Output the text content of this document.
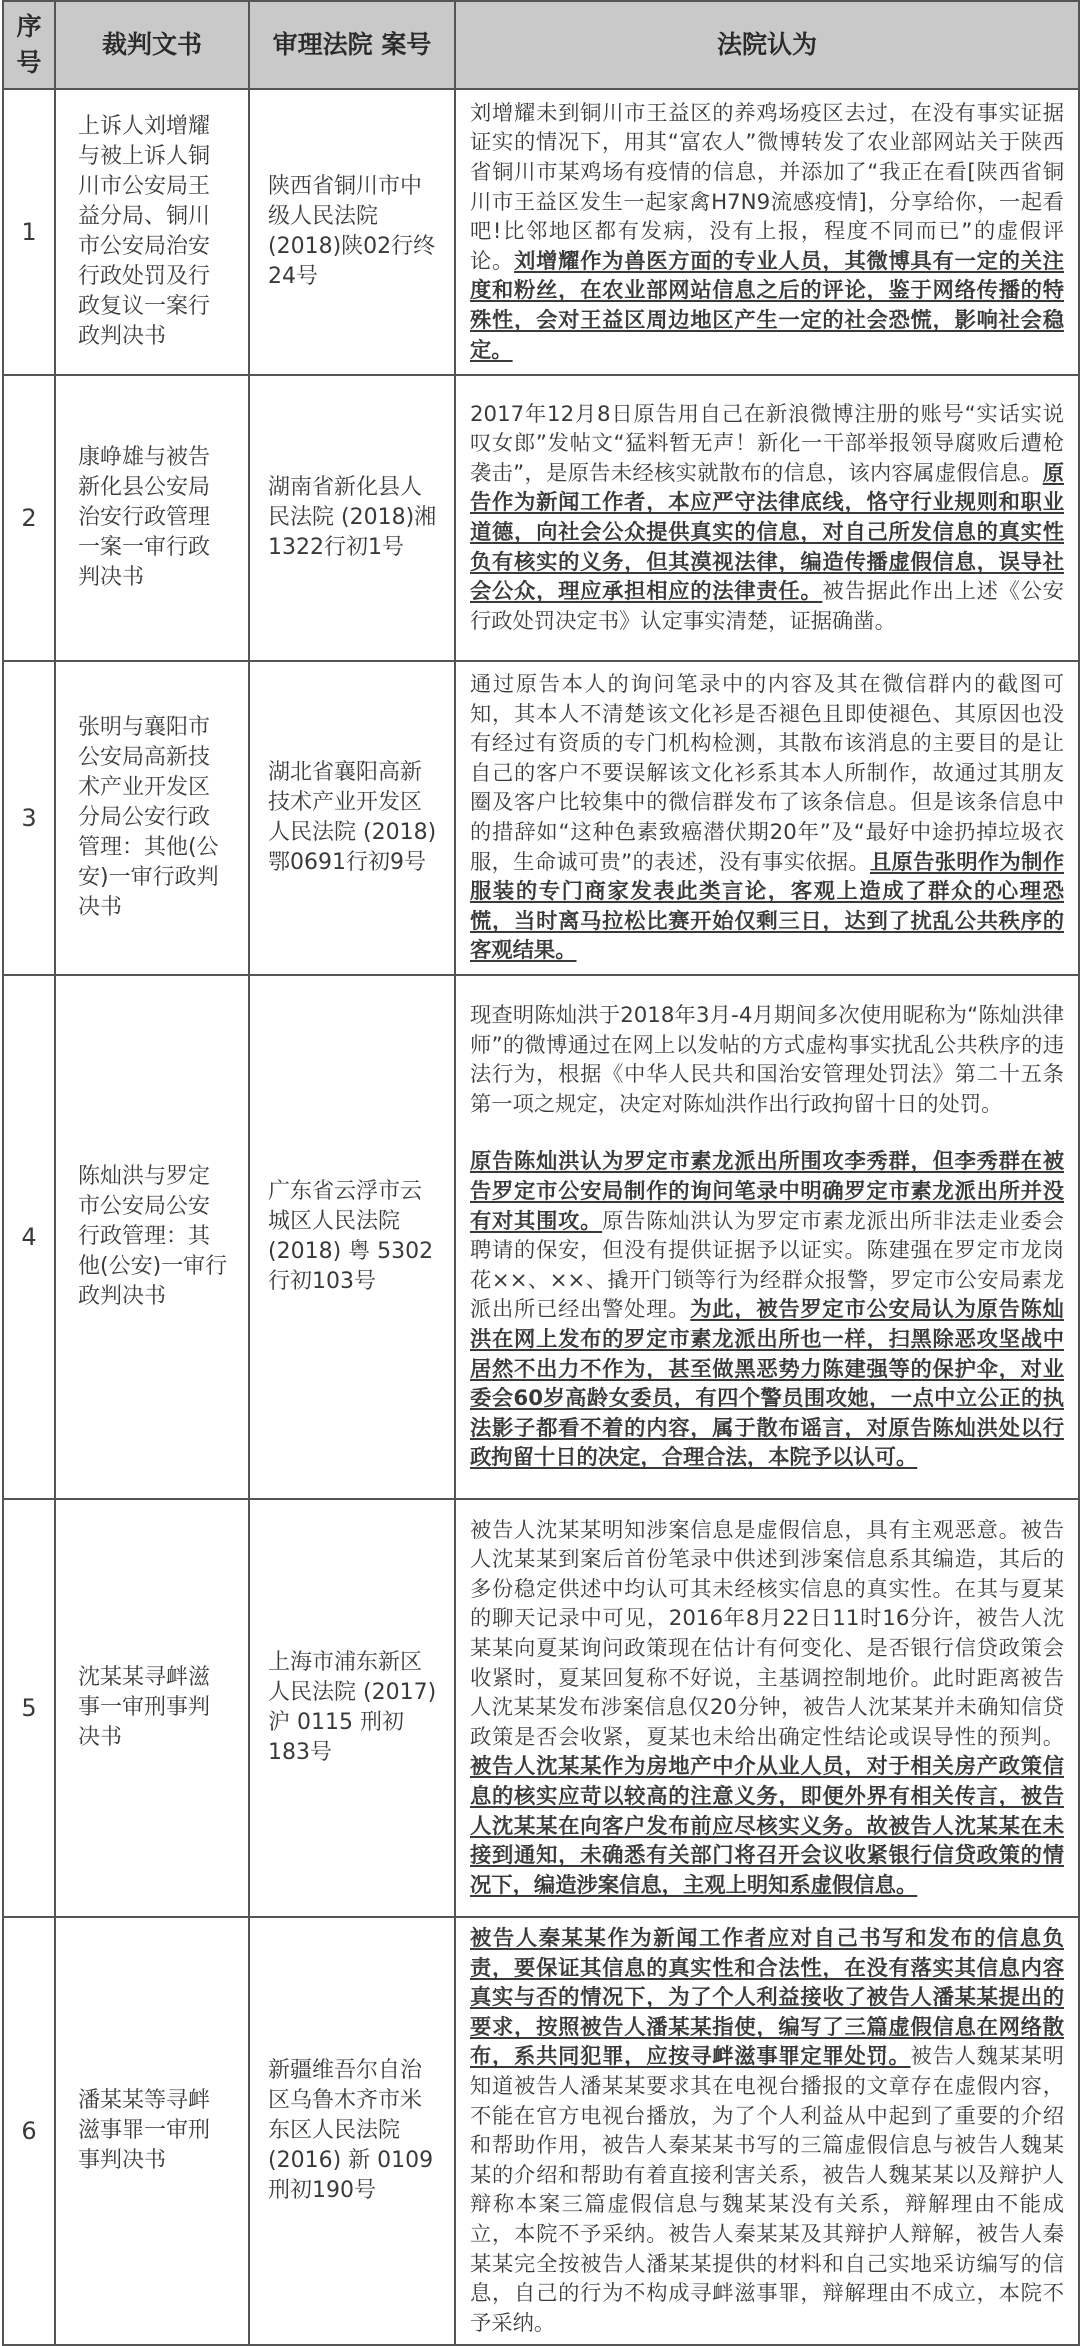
序号	裁判文书	审理法院 案号	法院认为
1	上诉人刘增耀与被上诉人铜川市公安局王益分局、铜川市公安局治安行政处罚及行政复议一案行政判决书	陕西省铜川市中级人民法院 (2018)陕02行终24号	刘增耀未到铜川市王益区的养鸡场疫区去过，在没有事实证据证实的情况下，用其“富农人”微博转发了农业部网站关于陕西省铜川市某鸡场有疫情的信息，并添加了“我正在看[陕西省铜川市王益区发生一起家禽H7N9流感疫情]，分享给你，一起看吧!比邻地区都有发病，没有上报，程度不同而已”的虚假评论。刘增耀作为兽医方面的专业人员，其微博具有一定的关注度和粉丝，在农业部网站信息之后的评论，鉴于网络传播的特殊性，会对王益区周边地区产生一定的社会恐慌，影响社会稳定。
2	康峥雄与被告新化县公安局治安行政管理一案一审行政判决书	湖南省新化县人民法院 (2018)湘1322行初1号	2017年12月8日原告用自己在新浪微博注册的账号“实话实说叹女郎”发帖文“猛料暂无声！新化一干部举报领导腐败后遭枪袭击”，是原告未经核实就散布的信息，该内容属虚假信息。原告作为新闻工作者，本应严守法律底线，恪守行业规则和职业道德，向社会公众提供真实的信息，对自己所发信息的真实性负有核实的义务，但其漠视法律，编造传播虚假信息，误导社会公众，理应承担相应的法律责任。被告据此作出上述《公安行政处罚决定书》认定事实清楚，证据确凿。
3	张明与襄阳市公安局高新技术产业开发区分局公安行政管理：其他(公安)一审行政判决书	湖北省襄阳高新技术产业开发区人民法院 (2018)鄂0691行初9号	通过原告本人的询问笔录中的内容及其在微信群内的截图可知，其本人不清楚该文化衫是否褪色且即使褪色、其原因也没有经过有资质的专门机构检测，其散布该消息的主要目的是让自己的客户不要误解该文化衫系其本人所制作，故通过其朋友圈及客户比较集中的微信群发布了该条信息。但是该条信息中的措辞如“这种色素致癌潜伏期20年”及“最好中途扔掉垃圾衣服，生命诚可贵”的表述，没有事实依据。且原告张明作为制作服装的专门商家发表此类言论，客观上造成了群众的心理恐慌，当时离马拉松比赛开始仅剩三日，达到了扰乱公共秩序的客观结果。
4	陈灿洪与罗定市公安局公安行政管理：其他(公安)一审行政判决书	广东省云浮市云城区人民法院 (2018) 粤 5302行初103号	现查明陈灿洪于2018年3月-4月期间多次使用昵称为“陈灿洪律师”的微博通过在网上以发帖的方式虚构事实扰乱公共秩序的违法行为，根据《中华人民共和国治安管理处罚法》第二十五条第一项之规定，决定对陈灿洪作出行政拘留十日的处罚。

原告陈灿洪认为罗定市素龙派出所围攻李秀群，但李秀群在被告罗定市公安局制作的询问笔录中明确罗定市素龙派出所并没有对其围攻。原告陈灿洪认为罗定市素龙派出所非法走业委会聘请的保安，但没有提供证据予以证实。陈建强在罗定市龙岗花××、××、撬开门锁等行为经群众报警，罗定市公安局素龙派出所已经出警处理。为此，被告罗定市公安局认为原告陈灿洪在网上发布的罗定市素龙派出所也一样，扫黑除恶攻坚战中居然不出力不作为，甚至做黑恶势力陈建强等的保护伞，对业委会60岁高龄女委员，有四个警员围攻她，一点中立公正的执法影子都看不着的内容，属于散布谣言，对原告陈灿洪处以行政拘留十日的决定，合理合法，本院予以认可。

5	沈某某寻衅滋事一审刑事判决书	上海市浦东新区人民法院 (2017) 沪 0115 刑初183号	被告人沈某某明知涉案信息是虚假信息，具有主观恶意。被告人沈某某到案后首份笔录中供述到涉案信息系其编造，其后的多份稳定供述中均认可其未经核实信息的真实性。在其与夏某的聊天记录中可见，2016年8月22日11时16分许，被告人沈某某向夏某询问政策现在估计有何变化、是否银行信贷政策会收紧时，夏某回复称不好说，主基调控制地价。此时距离被告人沈某某发布涉案信息仅20分钟，被告人沈某某并未确知信贷政策是否会收紧，夏某也未给出确定性结论或误导性的预判。被告人沈某某作为房地产中介从业人员，对于相关房产政策信息的核实应苛以较高的注意义务，即便外界有相关传言，被告人沈某某在向客户发布前应尽核实义务。故被告人沈某某在未接到通知，未确悉有关部门将召开会议收紧银行信贷政策的情况下，编造涉案信息，主观上明知系虚假信息。
6	潘某某等寻衅滋事罪一审刑事判决书	新疆维吾尔自治区乌鲁木齐市米东区人民法院 (2016) 新 0109 刑初190号	被告人秦某某作为新闻工作者应对自己书写和发布的信息负责，要保证其信息的真实性和合法性，在没有落实其信息内容真实与否的情况下，为了个人利益接收了被告人潘某某提出的要求，按照被告人潘某某指使，编写了三篇虚假信息在网络散布，系共同犯罪，应按寻衅滋事罪定罪处罚。被告人魏某某明知道被告人潘某某要求其在电视台播报的文章存在虚假内容，不能在官方电视台播放，为了个人利益从中起到了重要的介绍和帮助作用，被告人秦某某书写的三篇虚假信息与被告人魏某某的介绍和帮助有着直接利害关系，被告人魏某某以及辩护人辩称本案三篇虚假信息与魏某某没有关系，辩解理由不能成立，本院不予采纳。被告人秦某某及其辩护人辩解，被告人秦某某完全按被告人潘某某提供的材料和自己实地采访编写的信息，自己的行为不构成寻衅滋事罪，辩解理由不成立，本院不予采纳。
